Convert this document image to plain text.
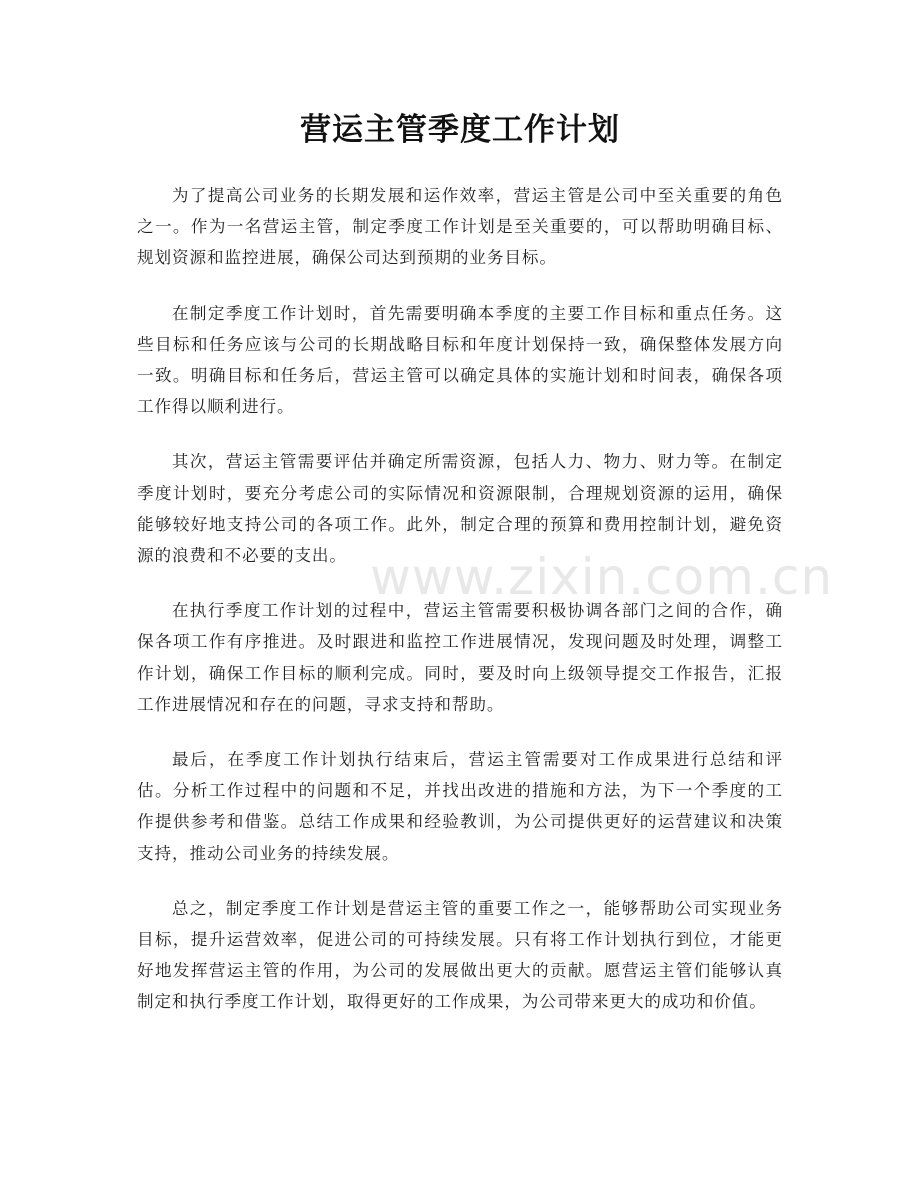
营运主管季度工作计划

为了提高公司业务的长期发展和运作效率，营运主管是公司中至关重要的角色之一。作为一名营运主管，制定季度工作计划是至关重要的，可以帮助明确目标、规划资源和监控进展，确保公司达到预期的业务目标。

在制定季度工作计划时，首先需要明确本季度的主要工作目标和重点任务。这些目标和任务应该与公司的长期战略目标和年度计划保持一致，确保整体发展方向一致。明确目标和任务后，营运主管可以确定具体的实施计划和时间表，确保各项工作得以顺利进行。

其次，营运主管需要评估并确定所需资源，包括人力、物力、财力等。在制定季度计划时，要充分考虑公司的实际情况和资源限制，合理规划资源的运用，确保能够较好地支持公司的各项工作。此外，制定合理的预算和费用控制计划，避免资源的浪费和不必要的支出。

在执行季度工作计划的过程中，营运主管需要积极协调各部门之间的合作，确保各项工作有序推进。及时跟进和监控工作进展情况，发现问题及时处理，调整工作计划，确保工作目标的顺利完成。同时，要及时向上级领导提交工作报告，汇报工作进展情况和存在的问题，寻求支持和帮助。

最后，在季度工作计划执行结束后，营运主管需要对工作成果进行总结和评估。分析工作过程中的问题和不足，并找出改进的措施和方法，为下一个季度的工作提供参考和借鉴。总结工作成果和经验教训，为公司提供更好的运营建议和决策支持，推动公司业务的持续发展。

总之，制定季度工作计划是营运主管的重要工作之一，能够帮助公司实现业务目标，提升运营效率，促进公司的可持续发展。只有将工作计划执行到位，才能更好地发挥营运主管的作用，为公司的发展做出更大的贡献。愿营运主管们能够认真制定和执行季度工作计划，取得更好的工作成果，为公司带来更大的成功和价值。

www.zixin.com.cn
